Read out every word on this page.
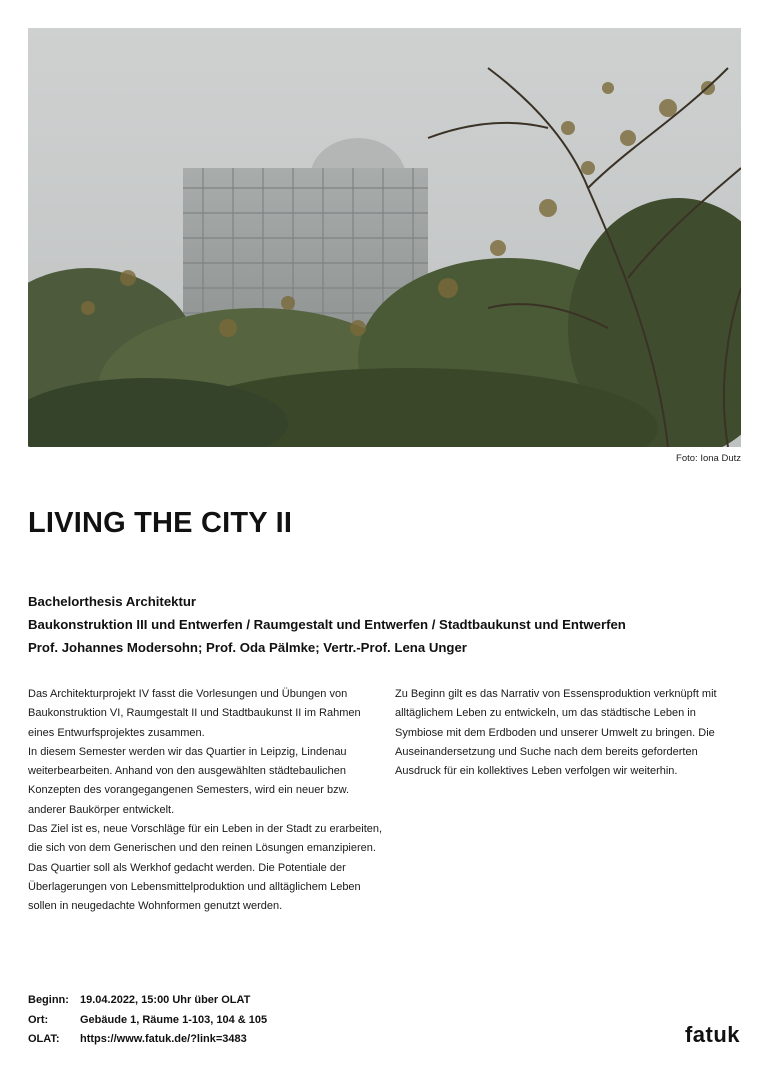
Foto: Iona Dutz
LIVING THE CITY II
Bachelorthesis Architektur
Baukonstruktion III und Entwerfen / Raumgestalt und Entwerfen / Stadtbaukunst und Entwerfen
Prof. Johannes Modersohn; Prof. Oda Pälmke; Vertr.-Prof. Lena Unger

Das Architekturprojekt IV fasst die Vorlesungen und Übungen von Baukonstruktion VI, Raumgestalt II und Stadtbaukunst II im Rahmen eines Entwurfsprojektes zusammen.

In diesem Semester werden wir das Quartier in Leipzig, Lindenau weiterbearbeiten. Anhand von den ausgewählten städtebaulichen Konzepten des vorangegangenen Semesters, wird ein neuer bzw. anderer Baukörper entwickelt.

Das Ziel ist es, neue Vorschläge für ein Leben in der Stadt zu erarbeiten, die sich von dem Generischen und den reinen Lösungen emanzipieren. Das Quartier soll als Werkhof gedacht werden. Die Potentiale der Überlagerungen von Lebensmittelproduktion und alltäglichem Leben sollen in neugedachte Wohnformen genutzt werden.

Zu Beginn gilt es das Narrativ von Essensproduktion verknüpft mit alltäglichem Leben zu entwickeln, um das städtische Leben in Symbiose mit dem Erdboden und unserer Umwelt zu bringen. Die Auseinandersetzung und Suche nach dem bereits geforderten Ausdruck für ein kollektives Leben verfolgen wir weiterhin.

Beginn:	19.04.2022, 15:00 Uhr über OLAT
Ort:	Gebäude 1, Räume 1-103, 104 & 105
OLAT:	https://www.fatuk.de/?link=3483	fatuk
